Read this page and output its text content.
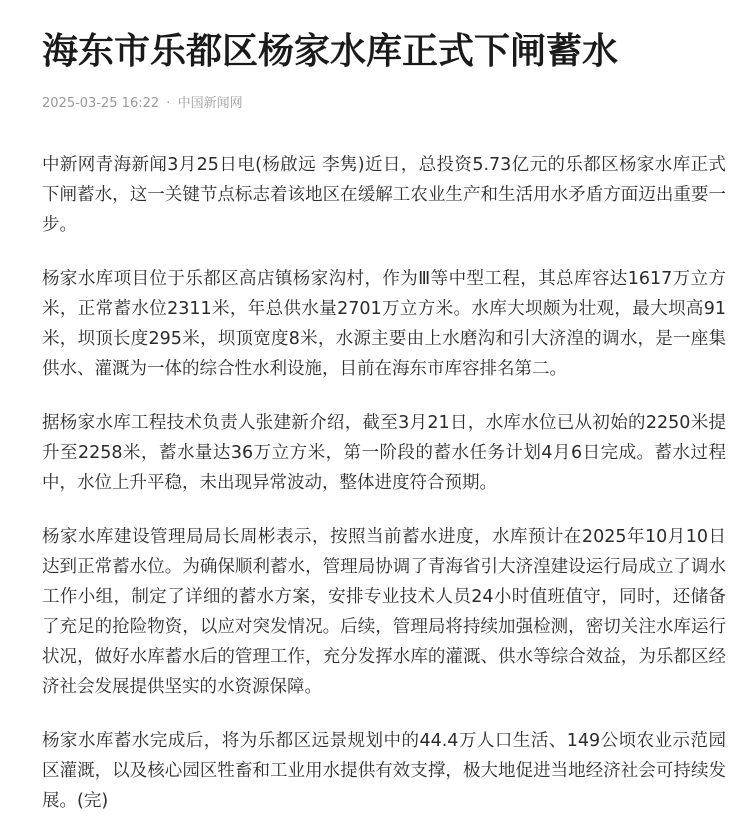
海东市乐都区杨家水库正式下闸蓄水
2025-03-25 16:22 · 中国新闻网

中新网青海新闻3月25日电(杨啟远 李隽)近日，总投资5.73亿元的乐都区杨家水库正式下闸蓄水，这一关键节点标志着该地区在缓解工农业生产和生活用水矛盾方面迈出重要一步。

杨家水库项目位于乐都区高店镇杨家沟村，作为Ⅲ等中型工程，其总库容达1617万立方米，正常蓄水位2311米，年总供水量2701万立方米。水库大坝颇为壮观，最大坝高91米，坝顶长度295米，坝顶宽度8米，水源主要由上水磨沟和引大济湟的调水，是一座集供水、灌溉为一体的综合性水利设施，目前在海东市库容排名第二。

据杨家水库工程技术负责人张建新介绍，截至3月21日，水库水位已从初始的2250米提升至2258米，蓄水量达36万立方米，第一阶段的蓄水任务计划4月6日完成。蓄水过程中，水位上升平稳，未出现异常波动，整体进度符合预期。

杨家水库建设管理局局长周彬表示，按照当前蓄水进度，水库预计在2025年10月10日达到正常蓄水位。为确保顺利蓄水，管理局协调了青海省引大济湟建设运行局成立了调水工作小组，制定了详细的蓄水方案，安排专业技术人员24小时值班值守，同时，还储备了充足的抢险物资，以应对突发情况。后续，管理局将持续加强检测，密切关注水库运行状况，做好水库蓄水后的管理工作，充分发挥水库的灌溉、供水等综合效益，为乐都区经济社会发展提供坚实的水资源保障。

杨家水库蓄水完成后，将为乐都区远景规划中的44.4万人口生活、149公顷农业示范园区灌溉，以及核心园区牲畜和工业用水提供有效支撑，极大地促进当地经济社会可持续发展。(完)
